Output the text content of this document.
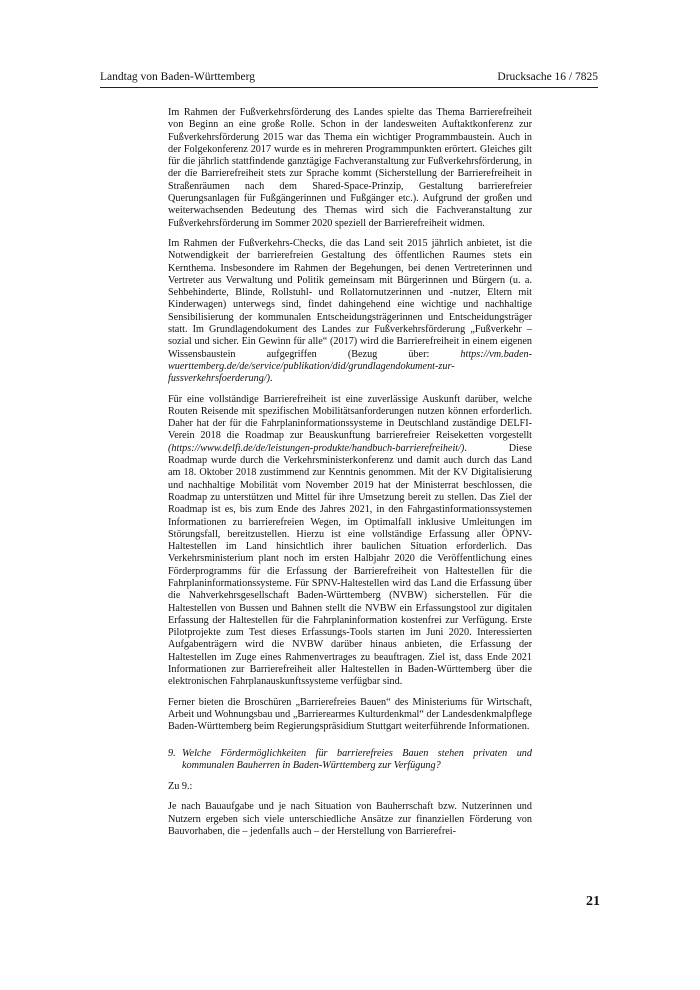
Landtag von Baden-Württemberg	Drucksache 16 / 7825

Im Rahmen der Fußverkehrsförderung des Landes spielte das Thema Barrierefreiheit von Beginn an eine große Rolle. Schon in der landesweiten Auftaktkonferenz zur Fußverkehrsförderung 2015 war das Thema ein wichtiger Programmbaustein. Auch in der Folgekonferenz 2017 wurde es in mehreren Programmpunkten erörtert. Gleiches gilt für die jährlich stattfindende ganztägige Fachveranstaltung zur Fußverkehrsförderung, in der die Barrierefreiheit stets zur Sprache kommt (Sicherstellung der Barrierefreiheit in Straßenräumen nach dem Shared-Space-Prinzip, Gestaltung barrierefreier Querungsanlagen für Fußgängerinnen und Fußgänger etc.). Aufgrund der großen und weiterwachsenden Bedeutung des Themas wird sich die Fachveranstaltung zur Fußverkehrsförderung im Sommer 2020 speziell der Barrierefreiheit widmen.

Im Rahmen der Fußverkehrs-Checks, die das Land seit 2015 jährlich anbietet, ist die Notwendigkeit der barrierefreien Gestaltung des öffentlichen Raumes stets ein Kernthema. Insbesondere im Rahmen der Begehungen, bei denen Vertreterinnen und Vertreter aus Verwaltung und Politik gemeinsam mit Bürgerinnen und Bürgern (u. a. Sehbehinderte, Blinde, Rollstuhl- und Rollatornutzerinnen und -nutzer, Eltern mit Kinderwagen) unterwegs sind, findet dahingehend eine wichtige und nachhaltige Sensibilisierung der kommunalen Entscheidungsträgerinnen und Entscheidungsträger statt. Im Grundlagendokument des Landes zur Fußverkehrsförderung „Fußverkehr – sozial und sicher. Ein Gewinn für alle“ (2017) wird die Barrierefreiheit in einem eigenen Wissensbaustein aufgegriffen (Bezug über: https://vm.baden-wuerttemberg.de/de/service/publikation/did/grundlagendokument-zur-fussverkehrsfoerderung/).

Für eine vollständige Barrierefreiheit ist eine zuverlässige Auskunft darüber, welche Routen Reisende mit spezifischen Mobilitätsanforderungen nutzen können erforderlich. Daher hat der für die Fahrplaninformationssysteme in Deutschland zuständige DELFI-Verein 2018 die Roadmap zur Beauskunftung barrierefreier Reiseketten vorgestellt (https://www.delfi.de/de/leistungen-produkte/handbuch-barrierefreiheit/). Diese Roadmap wurde durch die Verkehrsministerkonferenz und damit auch durch das Land am 18. Oktober 2018 zustimmend zur Kenntnis genommen. Mit der KV Digitalisierung und nachhaltige Mobilität vom November 2019 hat der Ministerrat beschlossen, die Roadmap zu unterstützen und Mittel für ihre Umsetzung bereit zu stellen. Das Ziel der Roadmap ist es, bis zum Ende des Jahres 2021, in den Fahrgastinformationssystemen Informationen zu barrierefreien Wegen, im Optimalfall inklusive Umleitungen im Störungsfall, bereitzustellen. Hierzu ist eine vollständige Erfassung aller ÖPNV-Haltestellen im Land hinsichtlich ihrer baulichen Situation erforderlich. Das Verkehrsministerium plant noch im ersten Halbjahr 2020 die Veröffentlichung eines Förderprogramms für die Erfassung der Barrierefreiheit von Haltestellen für die Fahrplaninformationssysteme. Für SPNV-Haltestellen wird das Land die Erfassung über die Nahverkehrsgesellschaft Baden-Württemberg (NVBW) sicherstellen. Für die Haltestellen von Bussen und Bahnen stellt die NVBW ein Erfassungstool zur digitalen Erfassung der Haltestellen für die Fahrplaninformation kostenfrei zur Verfügung. Erste Pilotprojekte zum Test dieses Erfassungs-Tools starten im Juni 2020. Interessierten Aufgabenträgern wird die NVBW darüber hinaus anbieten, die Erfassung der Haltestellen im Zuge eines Rahmenvertrages zu beauftragen. Ziel ist, dass Ende 2021 Informationen zur Barrierefreiheit aller Haltestellen in Baden-Württemberg über die elektronischen Fahrplanauskunftssysteme verfügbar sind.

Ferner bieten die Broschüren „Barrierefreies Bauen“ des Ministeriums für Wirtschaft, Arbeit und Wohnungsbau und „Barrierearmes Kulturdenkmal“ der Landesdenkmalpflege Baden-Württemberg beim Regierungspräsidium Stuttgart weiterführende Informationen.

9. Welche Fördermöglichkeiten für barrierefreies Bauen stehen privaten und kommunalen Bauherren in Baden-Württemberg zur Verfügung?

Zu 9.:

Je nach Bauaufgabe und je nach Situation von Bauherrschaft bzw. Nutzerinnen und Nutzern ergeben sich viele unterschiedliche Ansätze zur finanziellen Förderung von Bauvorhaben, die – jedenfalls auch – der Herstellung von Barrierefrei-

21
